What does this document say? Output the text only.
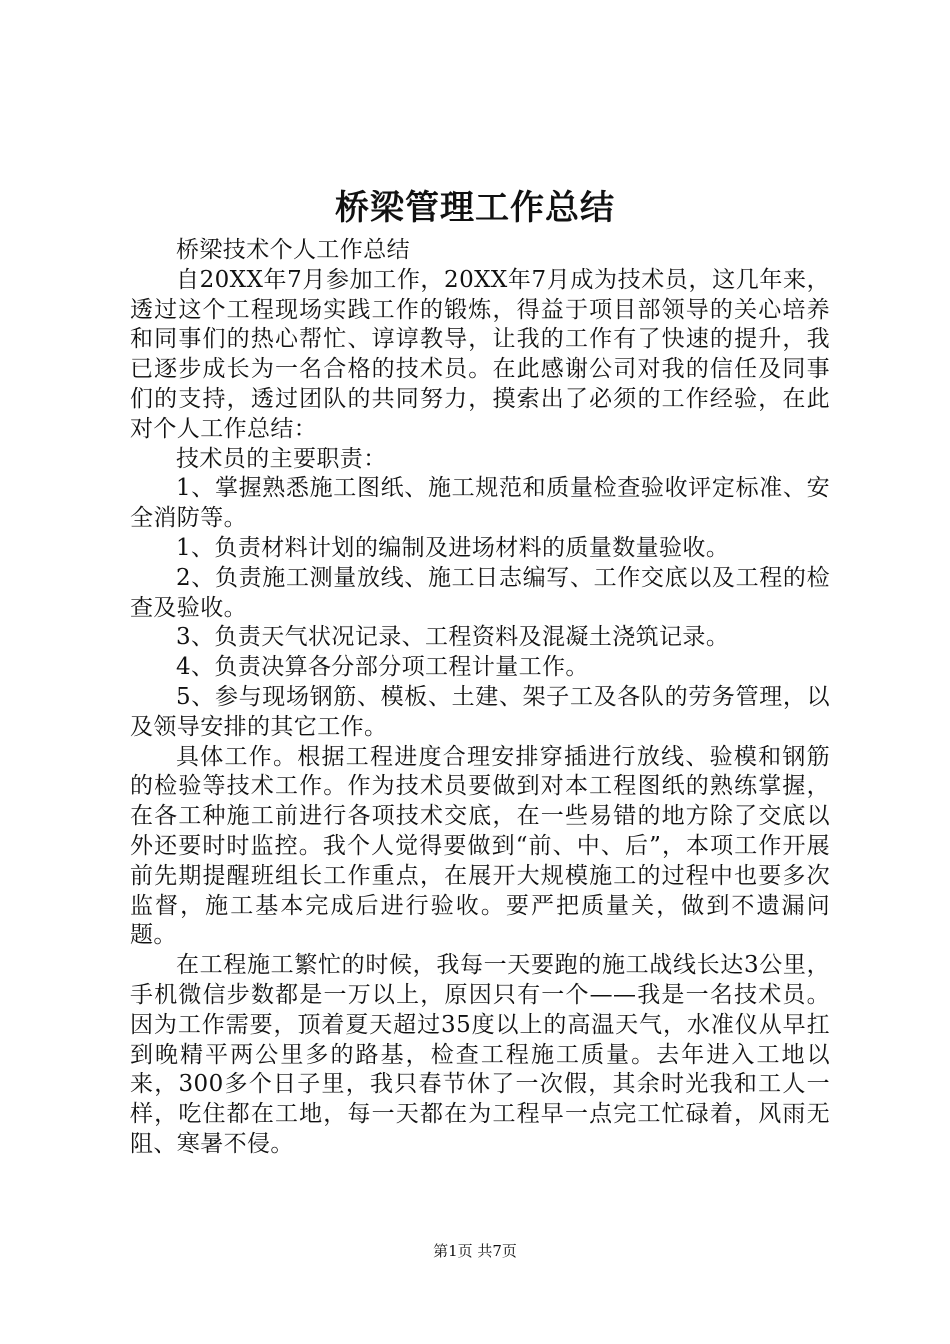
桥梁管理工作总结

桥梁技术个人工作总结

自20XX年7月参加工作，20XX年7月成为技术员，这几年来，透过这个工程现场实践工作的锻炼，得益于项目部领导的关心培养和同事们的热心帮忙、谆谆教导，让我的工作有了快速的提升，我已逐步成长为一名合格的技术员。在此感谢公司对我的信任及同事们的支持，透过团队的共同努力，摸索出了必须的工作经验，在此对个人工作总结：

技术员的主要职责：

1、掌握熟悉施工图纸、施工规范和质量检查验收评定标准、安全消防等。

1、负责材料计划的编制及进场材料的质量数量验收。

2、负责施工测量放线、施工日志编写、工作交底以及工程的检查及验收。

3、负责天气状况记录、工程资料及混凝土浇筑记录。

4、负责决算各分部分项工程计量工作。

5、参与现场钢筋、模板、土建、架子工及各队的劳务管理，以及领导安排的其它工作。

具体工作。根据工程进度合理安排穿插进行放线、验模和钢筋的检验等技术工作。作为技术员要做到对本工程图纸的熟练掌握，在各工种施工前进行各项技术交底，在一些易错的地方除了交底以外还要时时监控。我个人觉得要做到“前、中、后”，本项工作开展前先期提醒班组长工作重点，在展开大规模施工的过程中也要多次监督，施工基本完成后进行验收。要严把质量关，做到不遗漏问题。

在工程施工繁忙的时候，我每一天要跑的施工战线长达3公里，手机微信步数都是一万以上，原因只有一个——我是一名技术员。因为工作需要，顶着夏天超过35度以上的高温天气，水准仪从早扛到晚精平两公里多的路基，检查工程施工质量。去年进入工地以来，300多个日子里，我只春节休了一次假，其余时光我和工人一样，吃住都在工地，每一天都在为工程早一点完工忙碌着，风雨无阻、寒暑不侵。

第1页 共7页
